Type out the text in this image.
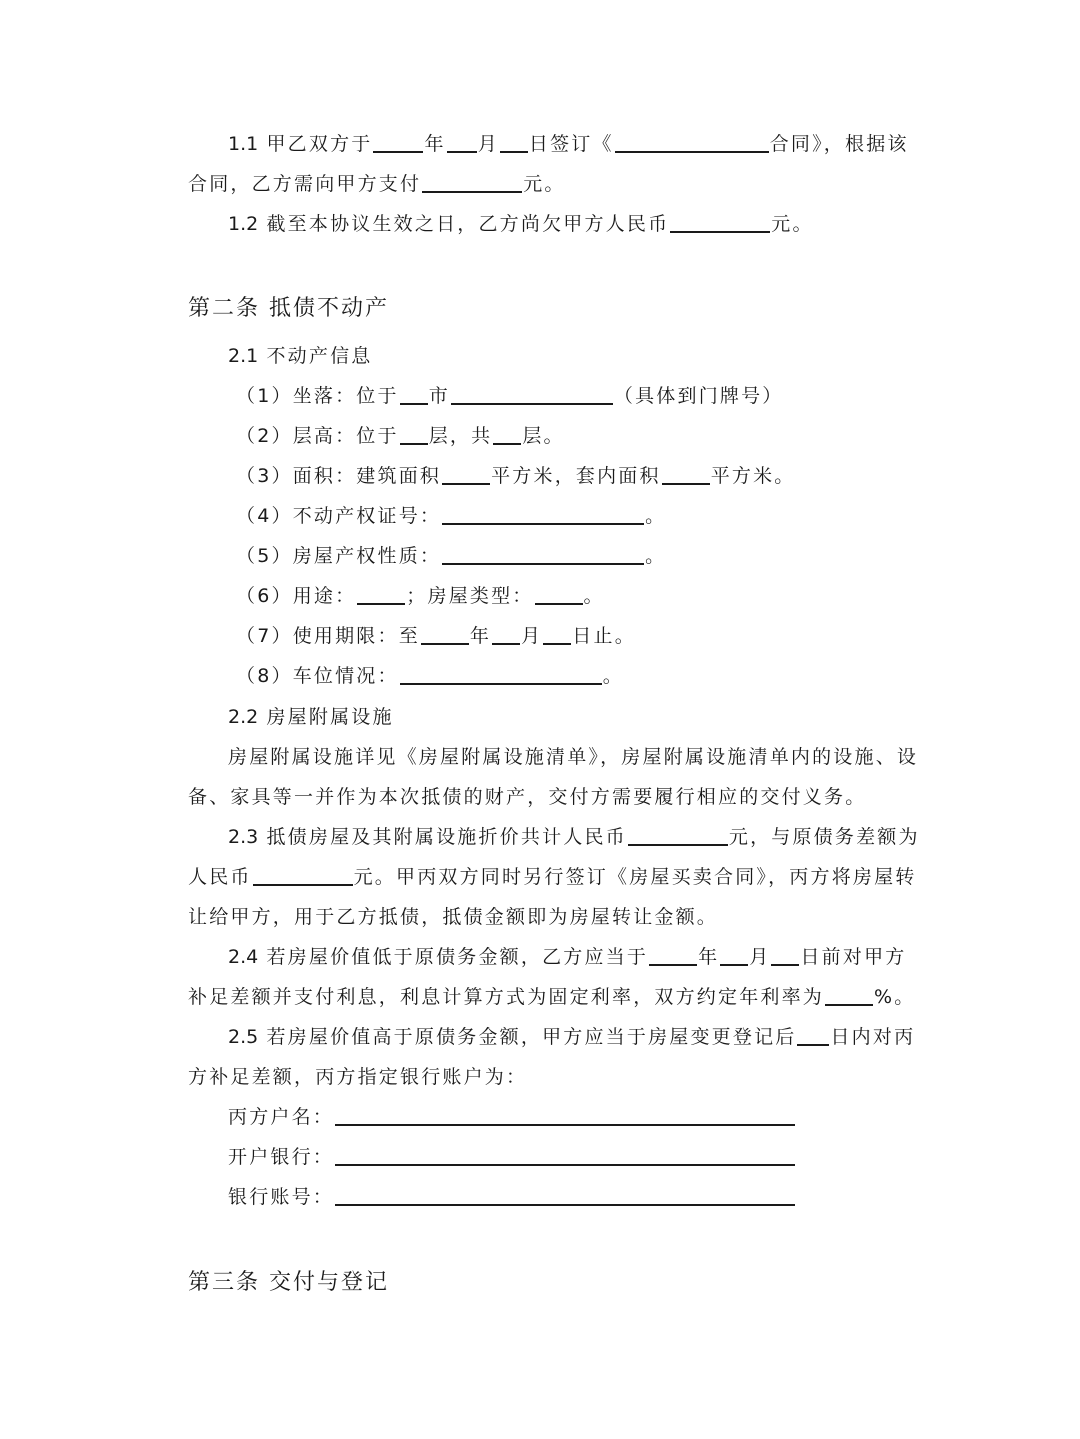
1.1 甲乙双方于	年 月 日签订《	合同》，根据该
合同，乙方需向甲方支付	元。
1.2 截至本协议生效之日，乙方尚欠甲方人民币	元。
第二条 抵债不动产
2.1 不动产信息
（1）坐落：位于 市	（具体到门牌号）
（2）层高：位于 层，共 层。
（3）面积：建筑面积	平方米，套内面积	平方米。
（4）不动产权证号：	。
（5）房屋产权性质：	。
（6）用途：	；房屋类型：	。
（7）使用期限：至	年 月 日止。
（8）车位情况：	。
2.2 房屋附属设施
房屋附属设施详见《房屋附属设施清单》，房屋附属设施清单内的设施、设
备、家具等一并作为本次抵债的财产，交付方需要履行相应的交付义务。
2.3 抵债房屋及其附属设施折价共计人民币	元，与原债务差额为
人民币	元。甲丙双方同时另行签订《房屋买卖合同》，丙方将房屋转
让给甲方，用于乙方抵债，抵债金额即为房屋转让金额。
2.4 若房屋价值低于原债务金额，乙方应当于	年 月 日前对甲方
补足差额并支付利息，利息计算方式为固定利率，双方约定年利率为	%。
2.5 若房屋价值高于原债务金额，甲方应当于房屋变更登记后 日内对丙
方补足差额，丙方指定银行账户为：
丙方户名：
开户银行：
银行账号：
第三条 交付与登记
